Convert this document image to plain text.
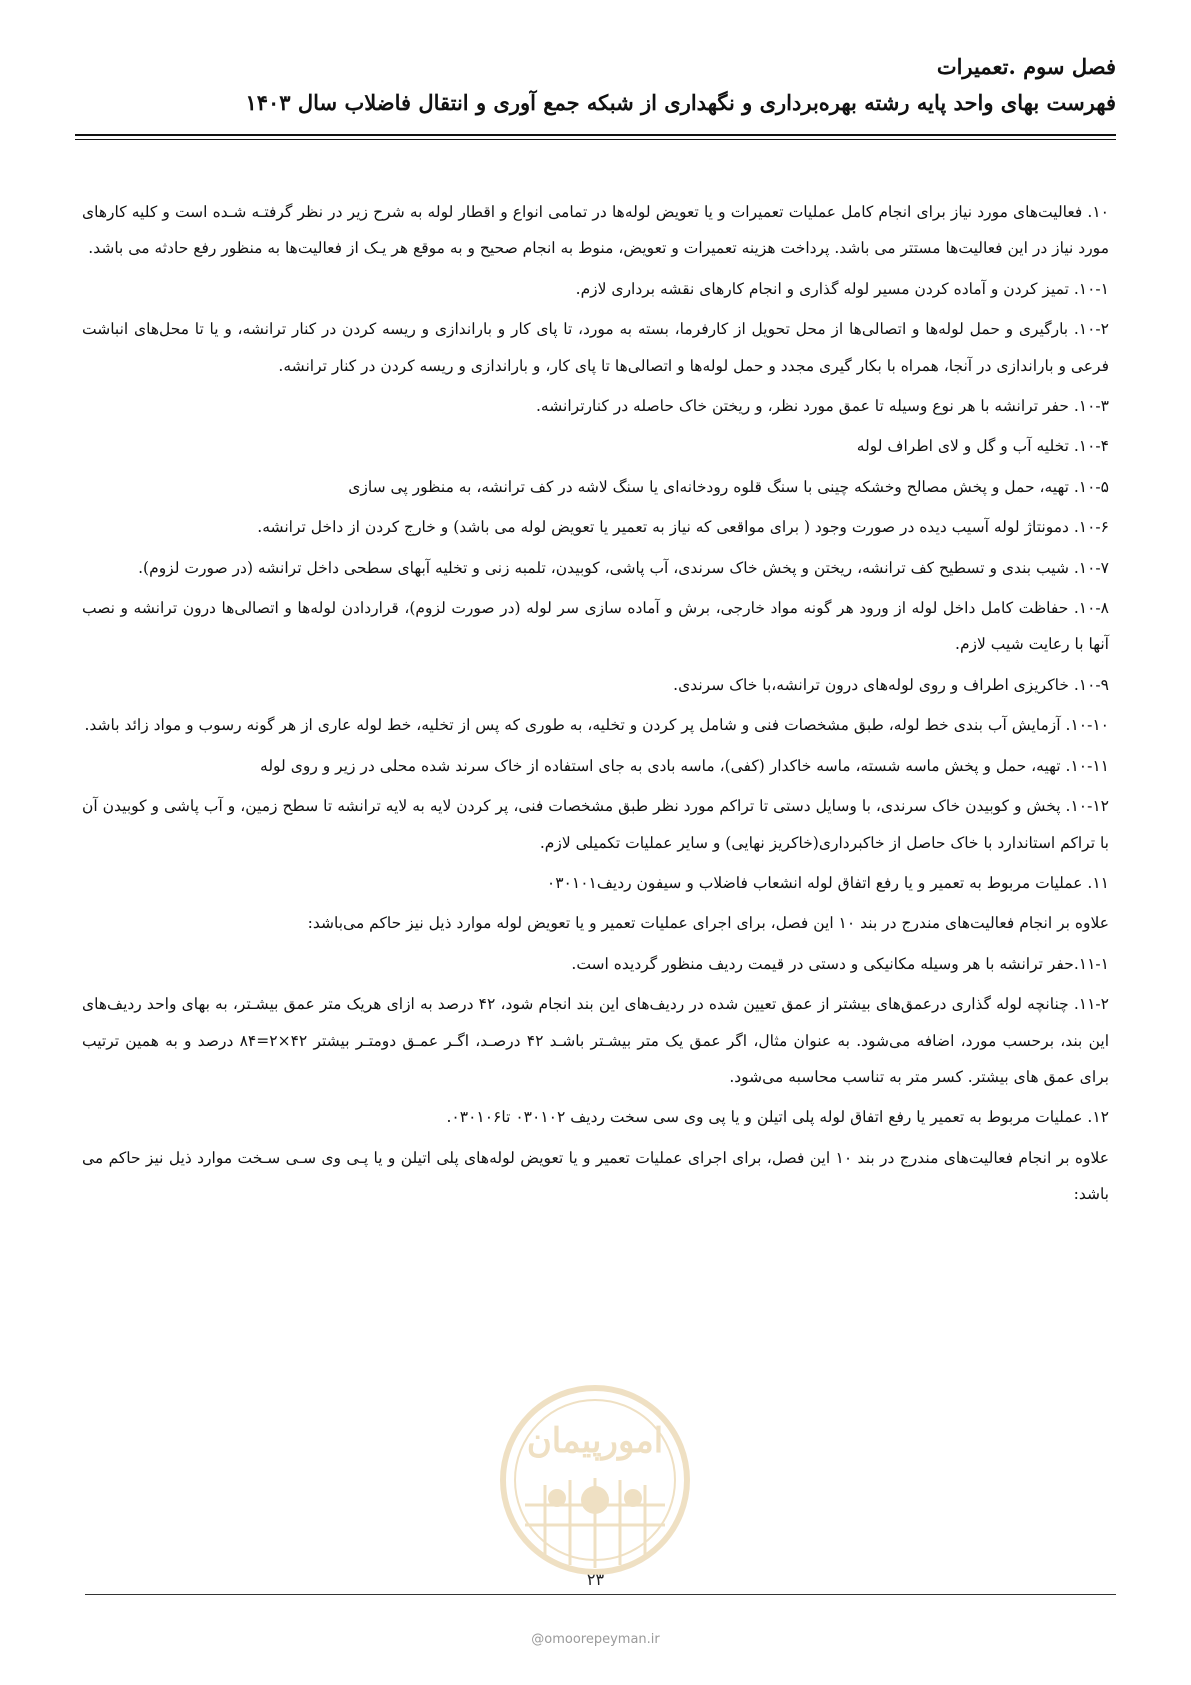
فصل سوم .تعمیرات
فهرست بهای واحد پایه رشته بهره‌برداری و نگهداری از شبکه جمع آوری و انتقال فاضلاب سال ۱۴۰۳

۱۰. فعالیت‌های مورد نیاز برای انجام کامل عملیات تعمیرات و یا تعویض لوله‌ها در تمامی انواع و اقطار لوله به شرح زیر در نظر گرفتـه شـده است و کلیه کارهای مورد نیاز در این فعالیت‌ها مستتر می باشد. پرداخت هزینه تعمیرات و تعویض، منوط به انجام صحیح و به موقع هر یـک از فعالیت‌ها به منظور رفع حادثه می باشد.

۱۰-۱. تمیز کردن و آماده کردن مسیر لوله گذاری و انجام کارهای نقشه برداری لازم.

۱۰-۲. بارگیری و حمل لوله‌ها و اتصالی‌ها از محل تحویل از کارفرما، بسته به مورد، تا پای کار و باراندازی و ریسه کردن در کنار ترانشه، و یا تا محل‌های انباشت فرعی و باراندازی در آنجا، همراه با بکار گیری مجدد و حمل لوله‌ها و اتصالی‌ها تا پای کار، و باراندازی و ریسه کردن در کنار ترانشه.

۱۰-۳. حفر ترانشه با هر نوع وسیله تا عمق مورد نظر، و ریختن خاک حاصله در کنارترانشه.

۱۰-۴. تخلیه آب و گل و لای اطراف لوله

۱۰-۵. تهیه، حمل و پخش مصالح وخشکه چینی با سنگ قلوه رودخانه‌ای یا سنگ لاشه در کف ترانشه، به منظور پی سازی

۱۰-۶. دمونتاژ لوله آسیب دیده در صورت وجود ( برای مواقعی که نیاز به تعمیر یا تعویض لوله می باشد) و خارج کردن از داخل ترانشه.

۱۰-۷. شیب بندی و تسطیح کف ترانشه، ریختن و پخش خاک سرندی، آب پاشی، کوبیدن، تلمبه زنی و تخلیه آبهای سطحی داخل ترانشه (در صورت لزوم).

۱۰-۸. حفاظت کامل داخل لوله از ورود هر گونه مواد خارجی، برش و آماده سازی سر لوله (در صورت لزوم)، قراردادن لوله‌ها و اتصالی‌ها درون ترانشه و نصب آنها با رعایت شیب لازم.

۱۰-۹. خاکریزی اطراف و روی لوله‌های درون ترانشه،با خاک سرندی.

۱۰-۱۰. آزمایش آب بندی خط لوله، طبق مشخصات فنی و شامل پر کردن و تخلیه، به طوری که پس از تخلیه، خط لوله عاری از هر گونه رسوب و مواد زائد باشد.

۱۰-۱۱. تهیه، حمل و پخش ماسه شسته، ماسه خاکدار (کفی)، ماسه بادی به جای استفاده از خاک سرند شده محلی در زیر و روی لوله

۱۰-۱۲. پخش و کوبیدن خاک سرندی، با وسایل دستی تا تراکم مورد نظر طبق مشخصات فنی، پر کردن لایه به لایه ترانشه تا سطح زمین، و آب پاشی و کوبیدن آن با تراکم استاندارد با خاک حاصل از خاکبرداری(خاکریز نهایی) و سایر عملیات تکمیلی لازم.

۱۱. عملیات مربوط به تعمیر و یا رفع اتفاق لوله انشعاب فاضلاب و سیفون ردیف۰۳۰۱۰۱

علاوه بر انجام فعالیت‌های مندرج در بند ۱۰ این فصل، برای اجرای عملیات تعمیر و یا تعویض لوله موارد ذیل نیز حاکم می‌باشد:

۱۱-۱.حفر ترانشه با هر وسیله مکانیکی و دستی در قیمت ردیف منظور گردیده است.

۱۱-۲. چنانچه لوله گذاری درعمق‌های بیشتر از عمق تعیین شده در ردیف‌های این بند انجام شود، ۴۲ درصد به ازای هریک متر عمق بیشـتر، به بهای واحد ردیف‌های این بند، برحسب مورد، اضافه می‌شود. به عنوان مثال، اگر عمق یک متر بیشـتر باشـد ۴۲ درصـد، اگـر عمـق دومتـر بیشتر ۴۲×۲=۸۴ درصد و به همین ترتیب برای عمق های بیشتر. کسر متر به تناسب محاسبه می‌شود.

۱۲. عملیات مربوط به تعمیر یا رفع اتفاق لوله پلی اتیلن و یا پی وی سی سخت ردیف ۰۳۰۱۰۲ تا۰۳۰۱۰۶.

علاوه بر انجام فعالیت‌های مندرج در بند ۱۰ این فصل، برای اجرای عملیات تعمیر و یا تعویض لوله‌های پلی اتیلن و یا پـی وی سـی سـخت موارد ذیل نیز حاکم می باشد:

امورپیمان
۲۳
@omoorepeyman.ir
